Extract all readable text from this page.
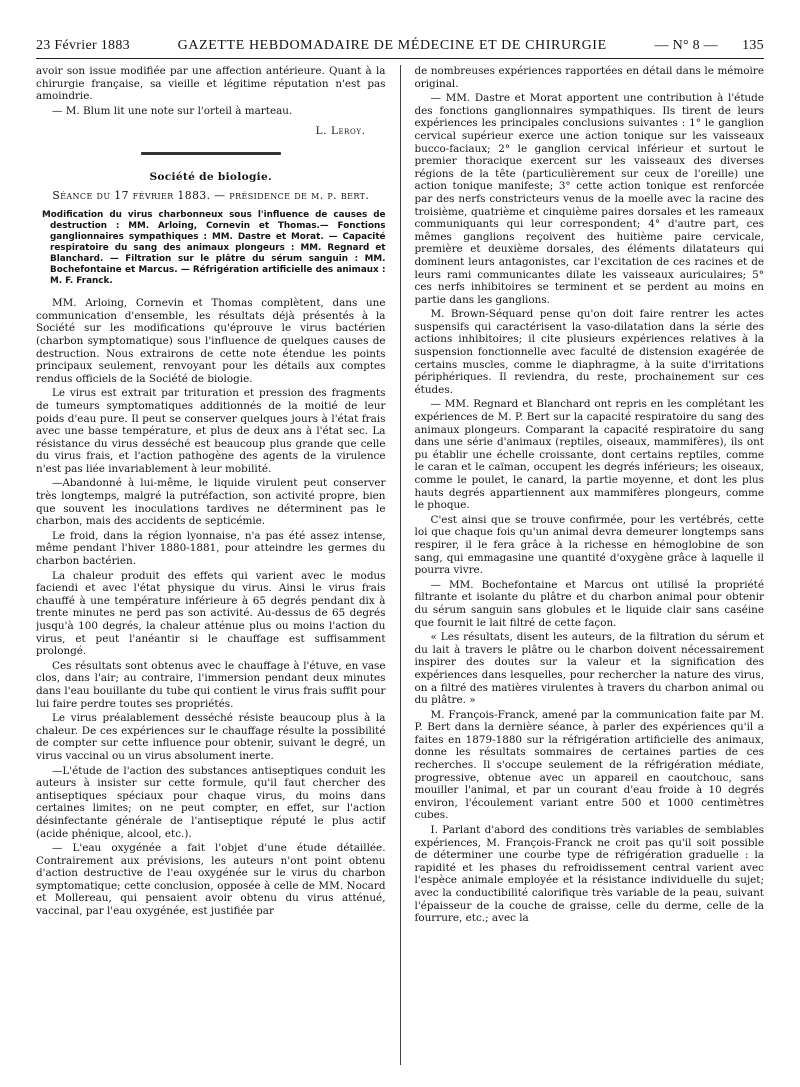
23 Février 1883	GAZETTE HEBDOMADAIRE DE MÉDECINE ET DE CHIRURGIE	— N° 8 — 135

avoir son issue modifiée par une affection antérieure. Quant à la chirurgie française, sa vieille et légitime réputation n'est pas amoindrie.

— M. Blum lit une note sur l'orteil à marteau.

L. Leroy.
Société de biologie.
Séance du 17 février 1883. — présidence de m. p. bert.
Modification du virus charbonneux sous l'influence de causes de destruction : MM. Arloing, Cornevin et Thomas.— Fonctions ganglionnaires sympathiques : MM. Dastre et Morat. — Capacité respiratoire du sang des animaux plongeurs : MM. Regnard et Blanchard. — Filtration sur le plâtre du sérum sanguin : MM. Bochefontaine et Marcus. — Réfrigération artificielle des animaux : M. F. Franck.

MM. Arloing, Cornevin et Thomas complètent, dans une communication d'ensemble, les résultats déjà présentés à la Société sur les modifications qu'éprouve le virus bactérien (charbon symptomatique) sous l'influence de quelques causes de destruction. Nous extrairons de cette note étendue les points principaux seulement, renvoyant pour les détails aux comptes rendus officiels de la Société de biologie.

Le virus est extrait par trituration et pression des fragments de tumeurs symptomatiques additionnés de la moitié de leur poids d'eau pure. Il peut se conserver quelques jours à l'état frais avec une basse température, et plus de deux ans à l'état sec. La résistance du virus desséché est beaucoup plus grande que celle du virus frais, et l'action pathogène des agents de la virulence n'est pas liée invariablement à leur mobilité.

—Abandonné à lui-même, le liquide virulent peut conserver très longtemps, malgré la putréfaction, son activité propre, bien que souvent les inoculations tardives ne déterminent pas le charbon, mais des accidents de septicémie.

Le froid, dans la région lyonnaise, n'a pas été assez intense, même pendant l'hiver 1880-1881, pour atteindre les germes du charbon bactérien.

La chaleur produit des effets qui varient avec le modus faciendi et avec l'état physique du virus. Ainsi le virus frais chauffé à une température inférieure à 65 degrés pendant dix à trente minutes ne perd pas son activité. Au-dessus de 65 degrés jusqu'à 100 degrés, la chaleur atténue plus ou moins l'action du virus, et peut l'anéantir si le chauffage est suffisamment prolongé.

Ces résultats sont obtenus avec le chauffage à l'étuve, en vase clos, dans l'air; au contraire, l'immersion pendant deux minutes dans l'eau bouillante du tube qui contient le virus frais suffit pour lui faire perdre toutes ses propriétés.

Le virus préalablement desséché résiste beaucoup plus à la chaleur. De ces expériences sur le chauffage résulte la possibilité de compter sur cette influence pour obtenir, suivant le degré, un virus vaccinal ou un virus absolument inerte.

—L'étude de l'action des substances antiseptiques conduit les auteurs à insister sur cette formule, qu'il faut chercher des antiseptiques spéciaux pour chaque virus, du moins dans certaines limites; on ne peut compter, en effet, sur l'action désinfectante générale de l'antiseptique réputé le plus actif (acide phénique, alcool, etc.).

— L'eau oxygénée a fait l'objet d'une étude détaillée. Contrairement aux prévisions, les auteurs n'ont point obtenu d'action destructive de l'eau oxygénée sur le virus du charbon symptomatique; cette conclusion, opposée à celle de MM. Nocard et Mollereau, qui pensaient avoir obtenu du virus atténué, vaccinal, par l'eau oxygénée, est justifiée par

de nombreuses expériences rapportées en détail dans le mémoire original.

— MM. Dastre et Morat apportent une contribution à l'étude des fonctions ganglionnaires sympathiques. Ils tirent de leurs expériences les principales conclusions suivantes : 1° le ganglion cervical supérieur exerce une action tonique sur les vaisseaux bucco-faciaux; 2° le ganglion cervical inférieur et surtout le premier thoracique exercent sur les vaisseaux des diverses régions de la tête (particulièrement sur ceux de l'oreille) une action tonique manifeste; 3° cette action tonique est renforcée par des nerfs constricteurs venus de la moelle avec la racine des troisième, quatrième et cinquième paires dorsales et les rameaux communiquants qui leur correspondent; 4° d'autre part, ces mêmes ganglions reçoivent des huitième paire cervicale, première et deuxième dorsales, des éléments dilatateurs qui dominent leurs antagonistes, car l'excitation de ces racines et de leurs rami communicantes dilate les vaisseaux auriculaires; 5° ces nerfs inhibitoires se terminent et se perdent au moins en partie dans les ganglions.

M. Brown-Séquard pense qu'on doit faire rentrer les actes suspensifs qui caractérisent la vaso-dilatation dans la série des actions inhibitoires; il cite plusieurs expériences relatives à la suspension fonctionnelle avec faculté de distension exagérée de certains muscles, comme le diaphragme, à la suite d'irritations périphériques. Il reviendra, du reste, prochainement sur ces études.

— MM. Regnard et Blanchard ont repris en les complétant les expériences de M. P. Bert sur la capacité respiratoire du sang des animaux plongeurs. Comparant la capacité respiratoire du sang dans une série d'animaux (reptiles, oiseaux, mammifères), ils ont pu établir une échelle croissante, dont certains reptiles, comme le caran et le caïman, occupent les degrés inférieurs; les oiseaux, comme le poulet, le canard, la partie moyenne, et dont les plus hauts degrés appartiennent aux mammifères plongeurs, comme le phoque.

C'est ainsi que se trouve confirmée, pour les vertébrés, cette loi que chaque fois qu'un animal devra demeurer longtemps sans respirer, il le fera grâce à la richesse en hémoglobine de son sang, qui emmagasine une quantité d'oxygène grâce à laquelle il pourra vivre.

— MM. Bochefontaine et Marcus ont utilisé la propriété filtrante et isolante du plâtre et du charbon animal pour obtenir du sérum sanguin sans globules et le liquide clair sans caséine que fournit le lait filtré de cette façon.

« Les résultats, disent les auteurs, de la filtration du sérum et du lait à travers le plâtre ou le charbon doivent nécessairement inspirer des doutes sur la valeur et la signification des expériences dans lesquelles, pour rechercher la nature des virus, on a filtré des matières virulentes à travers du charbon animal ou du plâtre. »

M. François-Franck, amené par la communication faite par M. P. Bert dans la dernière séance, à parler des expériences qu'il a faites en 1879-1880 sur la réfrigération artificielle des animaux, donne les résultats sommaires de certaines parties de ces recherches. Il s'occupe seulement de la réfrigération médiate, progressive, obtenue avec un appareil en caoutchouc, sans mouiller l'animal, et par un courant d'eau froide à 10 degrés environ, l'écoulement variant entre 500 et 1000 centimètres cubes.

I. Parlant d'abord des conditions très variables de semblables expériences, M. François-Franck ne croit pas qu'il soit possible de déterminer une courbe type de réfrigération graduelle : la rapidité et les phases du refroidissement central varient avec l'espèce animale employée et la résistance individuelle du sujet; avec la conductibilité calorifique très variable de la peau, suivant l'épaisseur de la couche de graisse, celle du derme, celle de la fourrure, etc.; avec la
